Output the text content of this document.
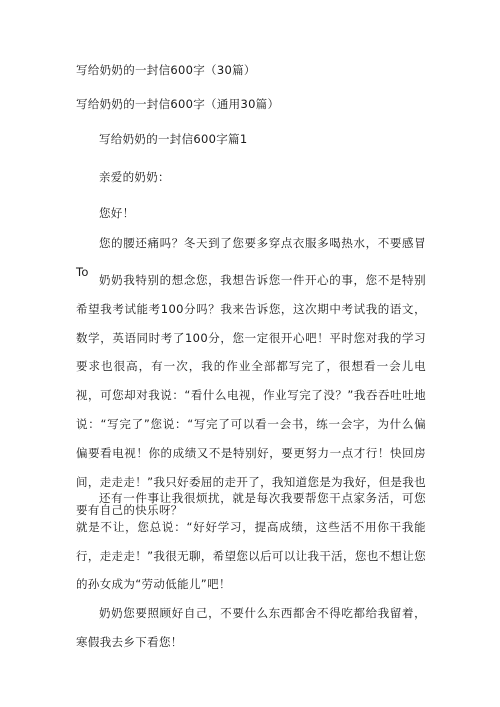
写给奶奶的一封信600字（30篇）
写给奶奶的一封信600字（通用30篇）
写给奶奶的一封信600字篇1
亲爱的奶奶：
您好！
您的腰还痛吗？冬天到了您要多穿点衣服多喝热水，不要感冒To
奶奶我特别的想念您，我想告诉您一件开心的事，您不是特别希望我考试能考100分吗？我来告诉您，这次期中考试我的语文，数学，英语同时考了100分，您一定很开心吧！平时您对我的学习要求也很高，有一次，我的作业全部都写完了，很想看一会儿电视，可您却对我说：“看什么电视，作业写完了没？”我吞吞吐吐地说：“写完了”您说：“写完了可以看一会书，练一会字，为什么偏偏要看电视！你的成绩又不是特别好，要更努力一点才行！快回房间，走走走！”我只好委屈的走开了，我知道您是为我好，但是我也要有自己的快乐呀？
还有一件事让我很烦扰，就是每次我要帮您干点家务活，可您就是不让，您总说：“好好学习，提高成绩，这些活不用你干我能行，走走走！”我很无聊，希望您以后可以让我干活，您也不想让您的孙女成为“劳动低能儿”吧！
奶奶您要照顾好自己，不要什么东西都舍不得吃都给我留着，寒假我去乡下看您！
